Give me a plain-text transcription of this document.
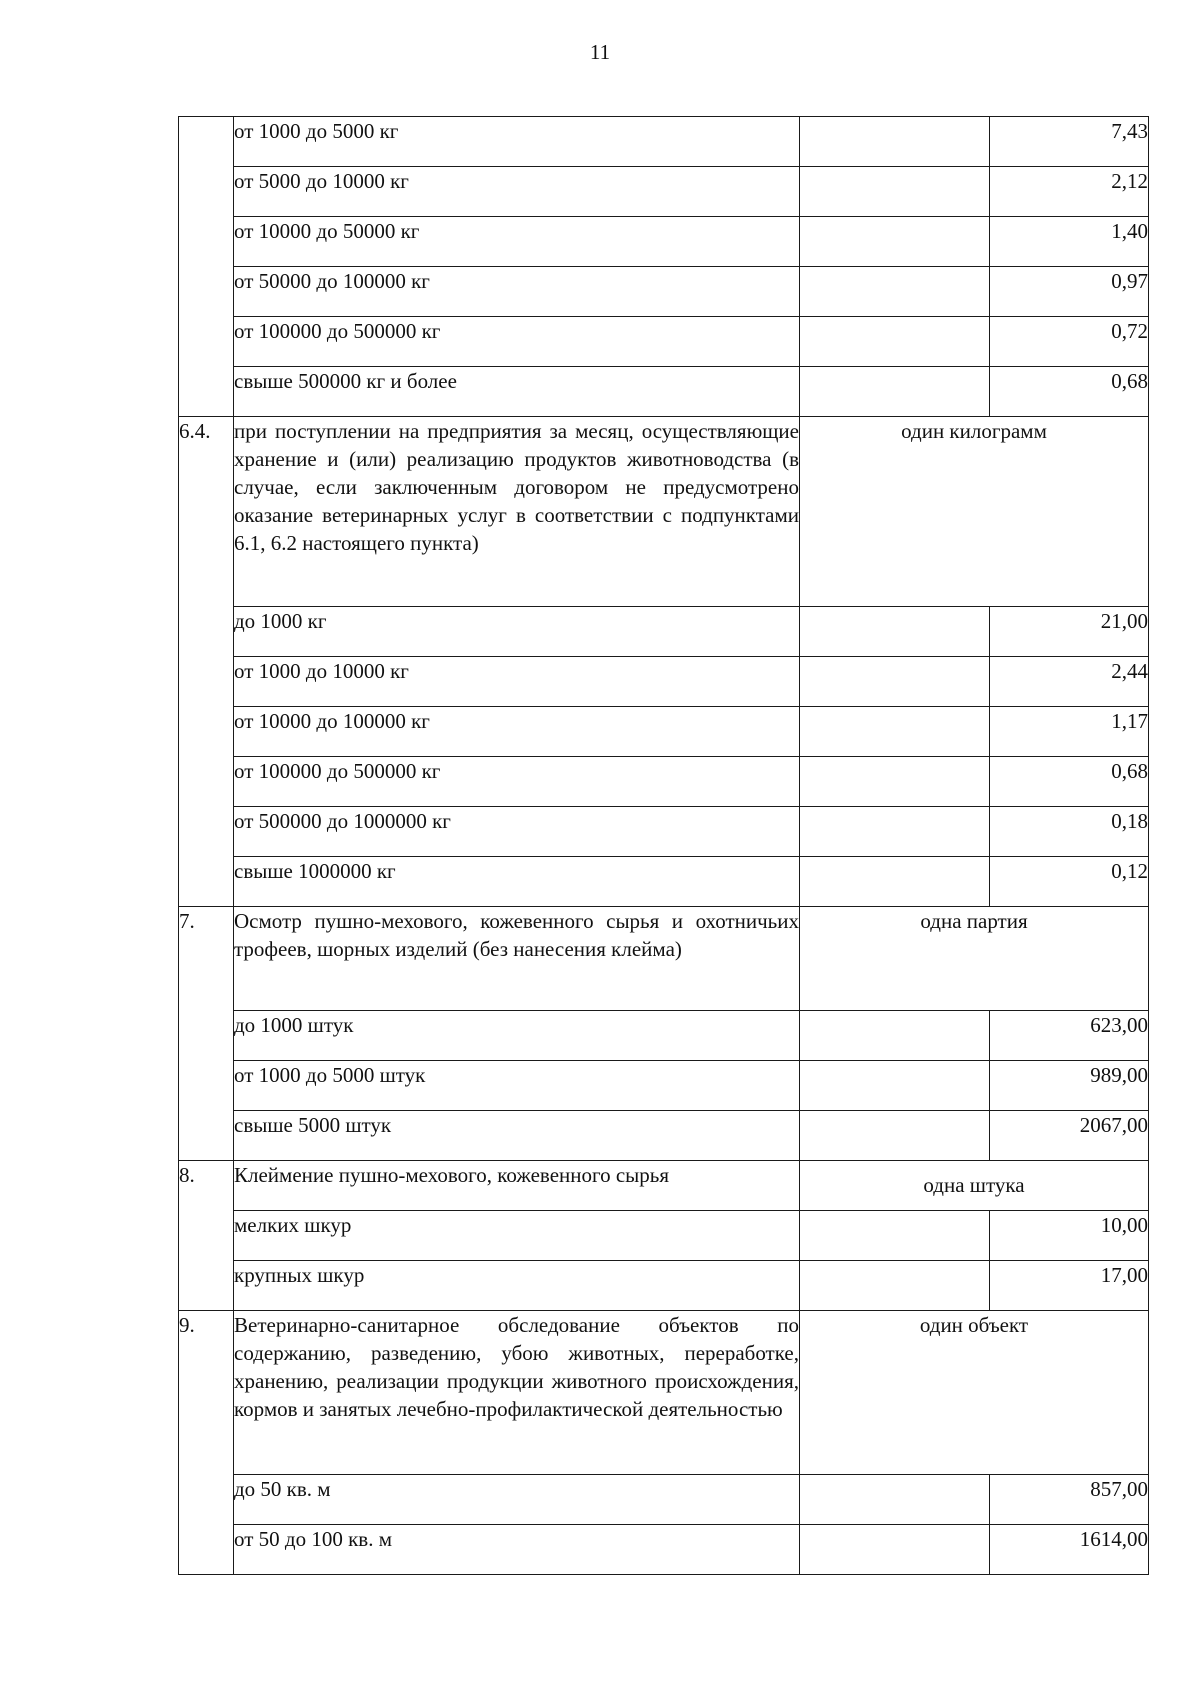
11
	от 1000 до 5000 кг		7,43
	от 5000 до 10000 кг		2,12
	от 10000 до 50000 кг		1,40
	от 50000 до 100000 кг		0,97
	от 100000 до 500000 кг		0,72
	свыше 500000 кг и более		0,68
6.4.	при поступлении на предприятия за месяц, осуществляющие хранение и (или) реализацию продуктов животноводства (в случае, если заключенным договором не предусмотрено оказание ветеринарных услуг в соответствии с подпунктами 6.1, 6.2 настоящего пункта)	один килограмм	
	до 1000 кг		21,00
	от 1000 до 10000 кг		2,44
	от 10000 до 100000 кг		1,17
	от 100000 до 500000 кг		0,68
	от 500000 до 1000000 кг		0,18
	свыше 1000000 кг		0,12
7.	Осмотр пушно-мехового, кожевенного сырья и охотничьих трофеев, шорных изделий (без нанесения клейма)	одна партия	
	до 1000 штук		623,00
	от 1000 до 5000 штук		989,00
	свыше 5000 штук		2067,00
8.	Клеймение пушно-мехового, кожевенного сырья	одна штука	
	мелких шкур		10,00
	крупных шкур		17,00
9.	Ветеринарно-санитарное обследование объектов по содержанию, разведению, убою животных, переработке, хранению, реализации продукции животного происхождения, кормов и занятых лечебно-профилактической деятельностью	один объект	
	до 50 кв. м		857,00
	от 50 до 100 кв. м		1614,00
